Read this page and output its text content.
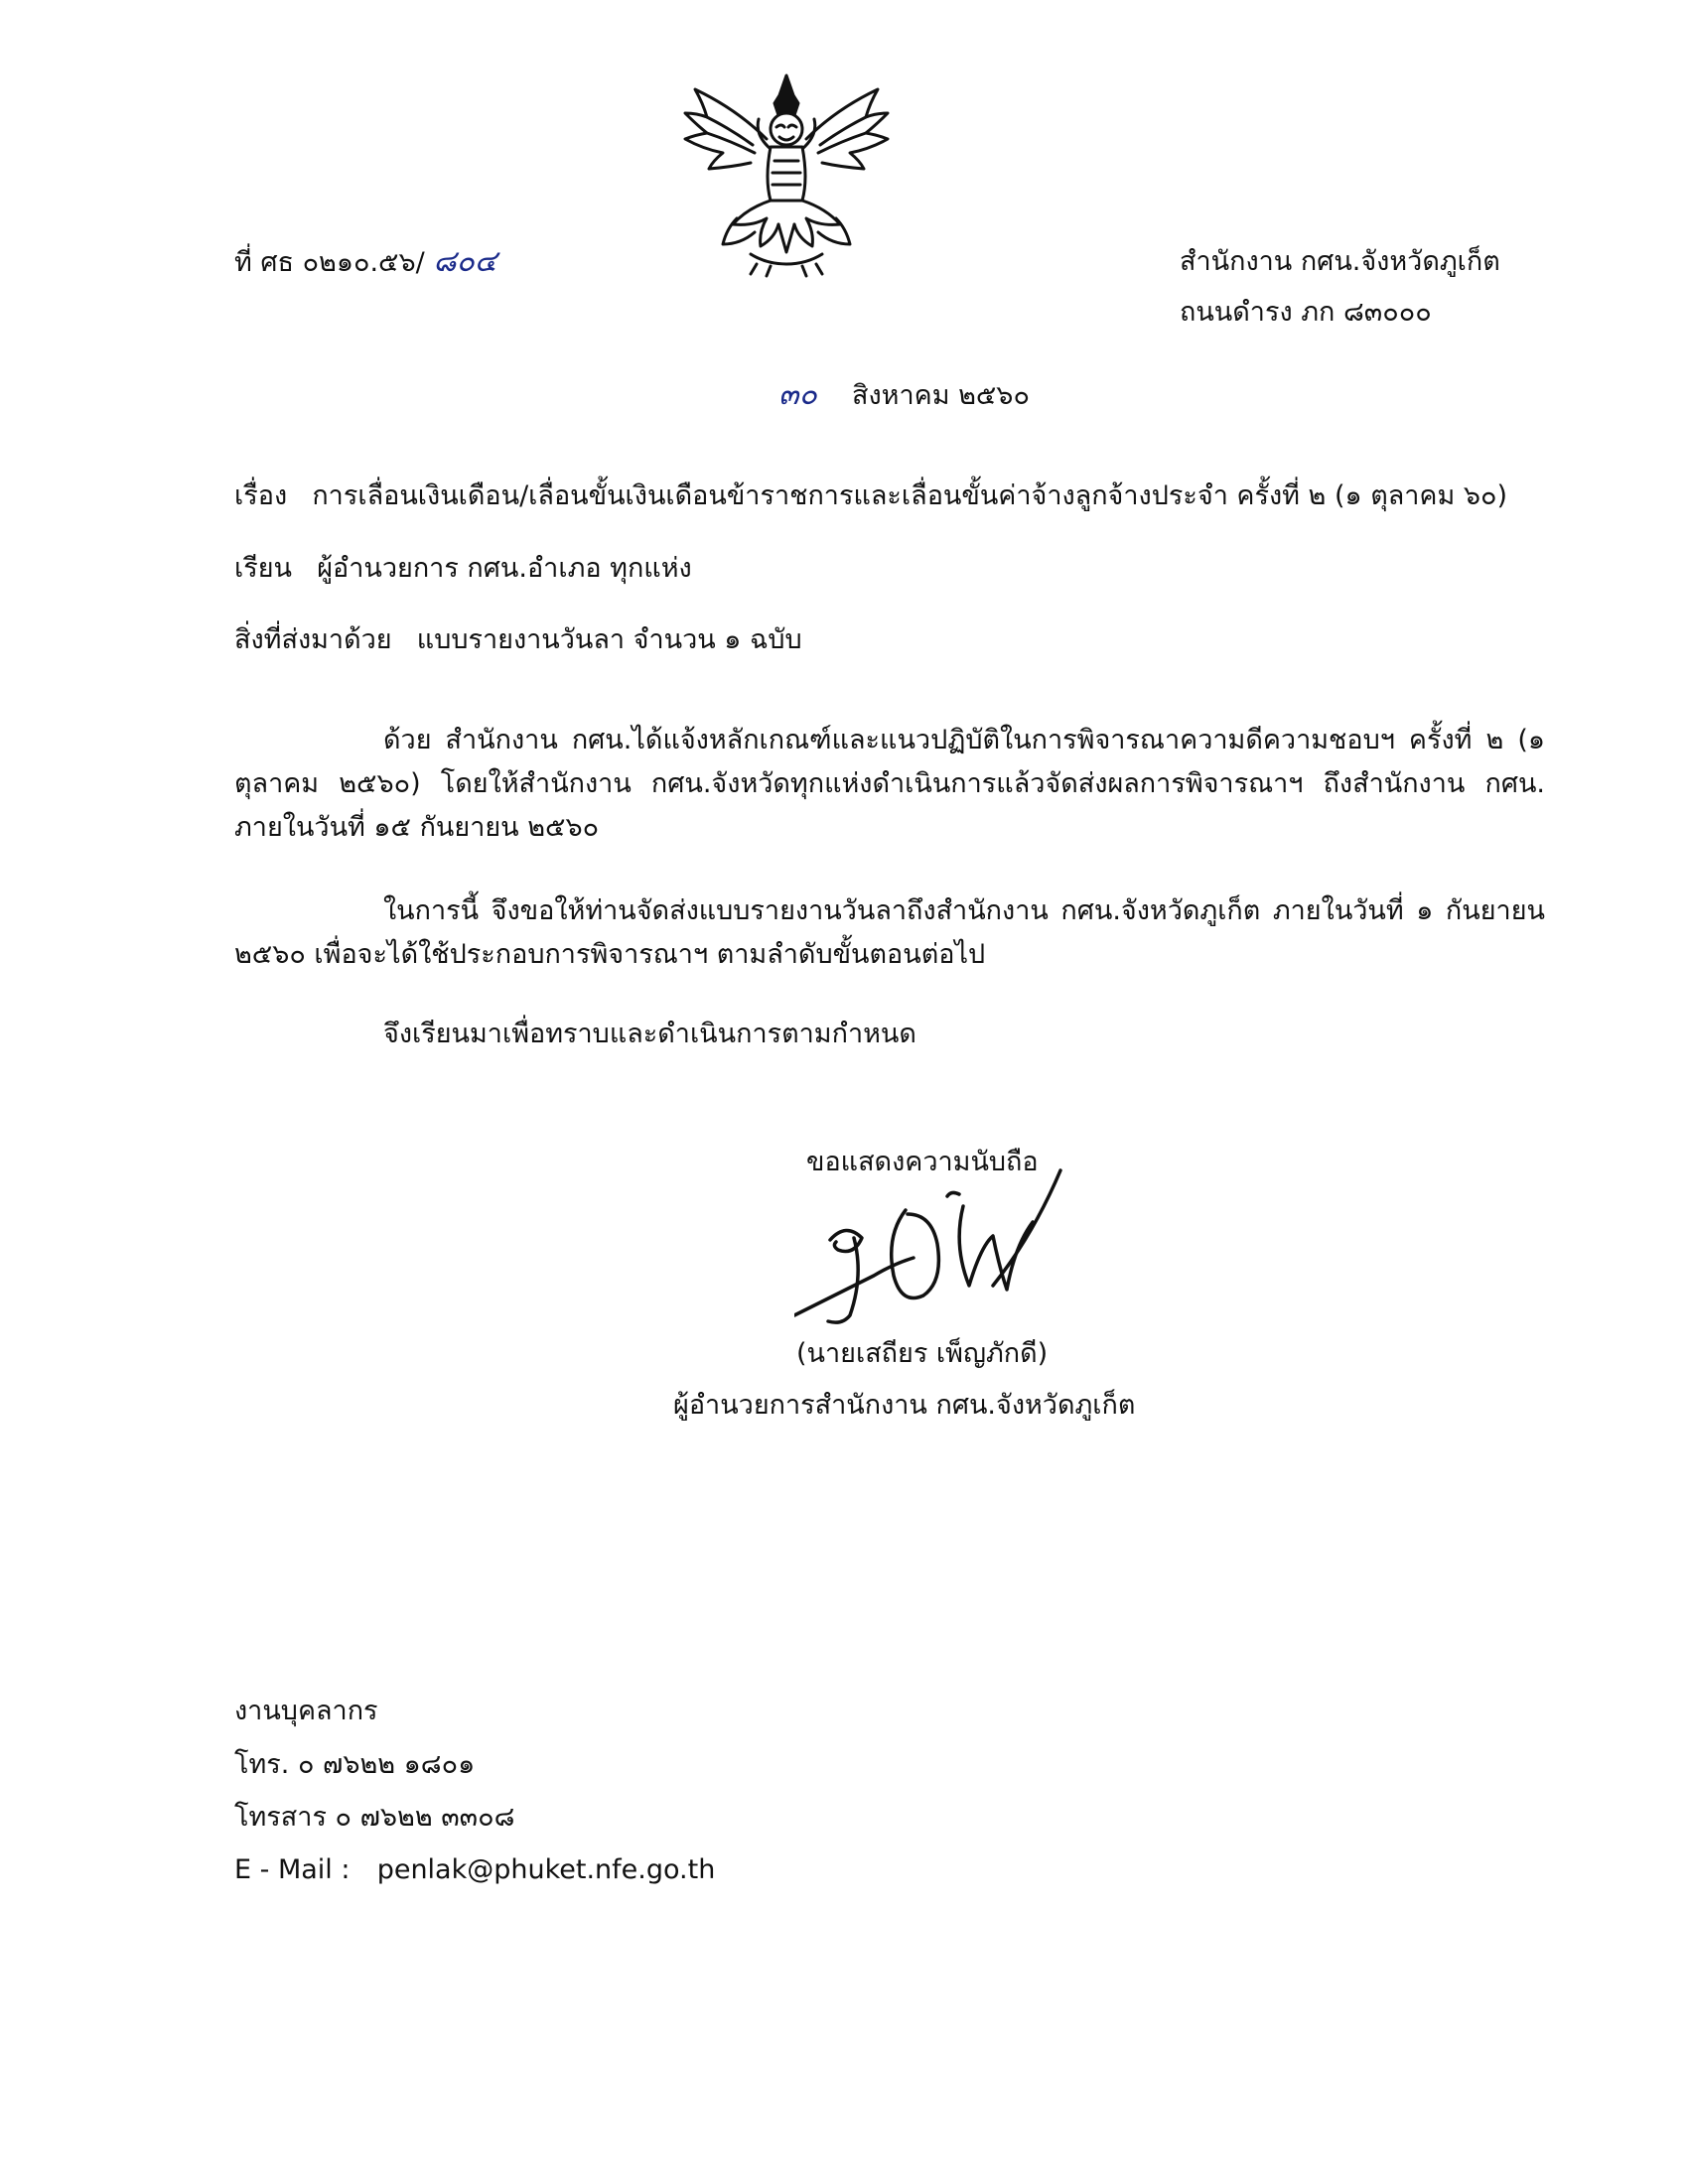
ที่ ศธ ๐๒๑๐.๕๖/ ๘๐๔	สำนักงาน กศน.จังหวัดภูเก็ต
ถนนดำรง ภก ๘๓๐๐๐
๓๐ สิงหาคม ๒๕๖๐
เรื่อง การเลื่อนเงินเดือน/เลื่อนขั้นเงินเดือนข้าราชการและเลื่อนขั้นค่าจ้างลูกจ้างประจำ ครั้งที่ ๒ (๑ ตุลาคม ๖๐)
เรียน ผู้อำนวยการ กศน.อำเภอ ทุกแห่ง
สิ่งที่ส่งมาด้วย แบบรายงานวันลา จำนวน ๑ ฉบับ
ด้วย สำนักงาน กศน.ได้แจ้งหลักเกณฑ์และแนวปฏิบัติในการพิจารณาความดีความชอบฯ ครั้งที่ ๒ (๑ ตุลาคม ๒๕๖๐) โดยให้สำนักงาน กศน.จังหวัดทุกแห่งดำเนินการแล้วจัดส่งผลการพิจารณาฯ ถึงสำนักงาน กศน. ภายในวันที่ ๑๕ กันยายน ๒๕๖๐
ในการนี้ จึงขอให้ท่านจัดส่งแบบรายงานวันลาถึงสำนักงาน กศน.จังหวัดภูเก็ต ภายในวันที่ ๑ กันยายน ๒๕๖๐ เพื่อจะได้ใช้ประกอบการพิจารณาฯ ตามลำดับขั้นตอนต่อไป
จึงเรียนมาเพื่อทราบและดำเนินการตามกำหนด
ขอแสดงความนับถือ
(นายเสถียร เพ็ญภักดี)
ผู้อำนวยการสำนักงาน กศน.จังหวัดภูเก็ต
งานบุคลากร
โทร. ๐ ๗๖๒๒ ๑๘๐๑
โทรสาร ๐ ๗๖๒๒ ๓๓๐๘
E - Mail : penlak@phuket.nfe.go.th
